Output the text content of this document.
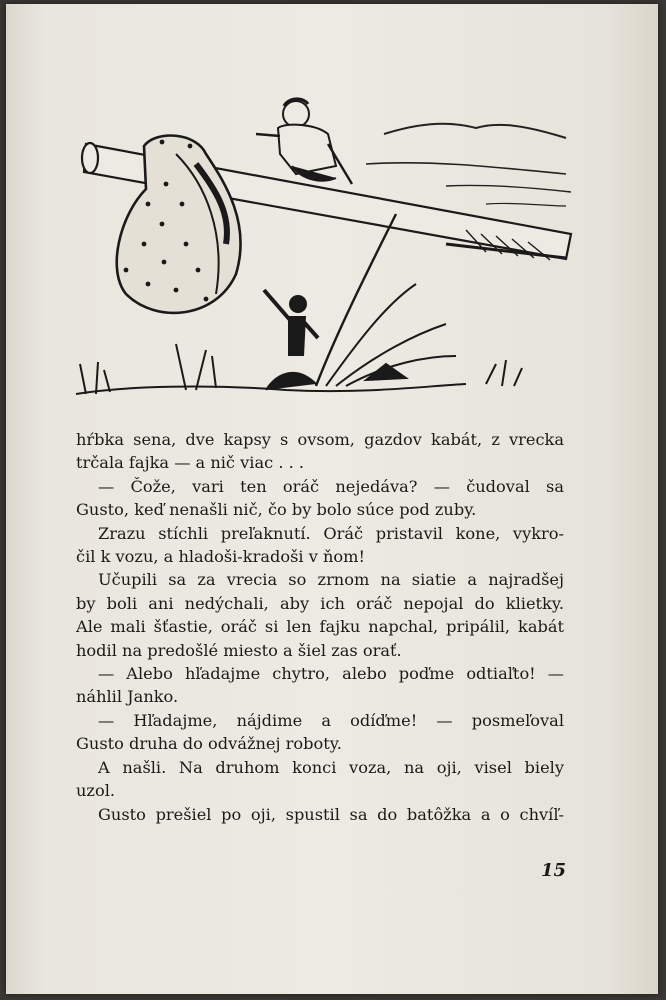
hŕbka sena, dve kapsy s ovsom, gazdov kabát, z vrecka

trčala fajka — a nič viac . . .

— Čože, vari ten oráč nejedáva? — čudoval sa

Gusto, keď nenašli nič, čo by bolo súce pod zuby.

Zrazu stíchli preľaknutí. Oráč pristavil kone, vykro-

čil k vozu, a hladoši-kradoši v ňom!

Učupili sa za vrecia so zrnom na siatie a najradšej

by boli ani nedýchali, aby ich oráč nepojal do klietky.

Ale mali šťastie, oráč si len fajku napchal, pripálil, kabát

hodil na predošlé miesto a šiel zas orať.

— Alebo hľadajme chytro, alebo poďme odtiaľto! —

náhlil Janko.

— Hľadajme, nájdime a odíďme! — posmeľoval

Gusto druha do odvážnej roboty.

A našli. Na druhom konci voza, na oji, visel biely

uzol.

Gusto prešiel po oji, spustil sa do batôžka a o chvíľ-

15
